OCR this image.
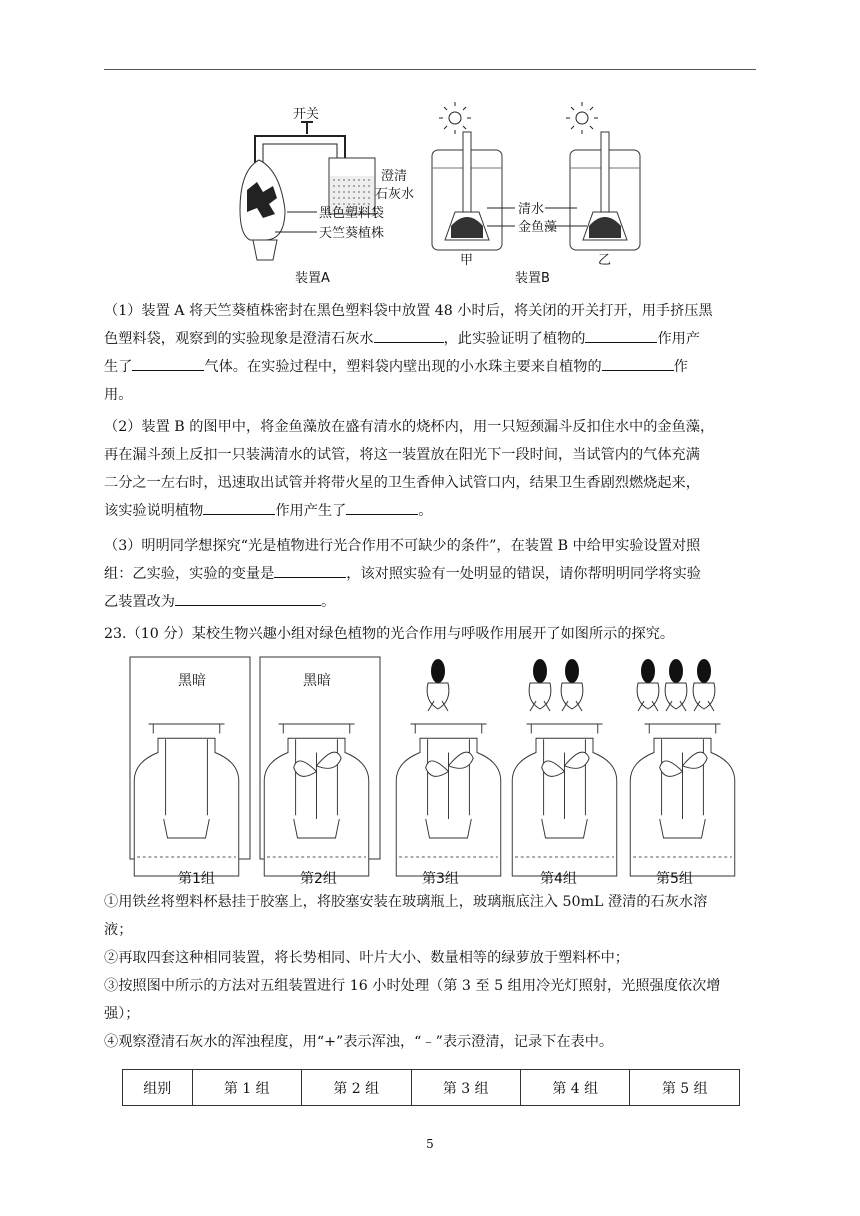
开关
澄清
石灰水
黑色塑料袋
天竺葵植株
装置A
清水
金鱼藻
甲	乙
装置B
（1）装置 A 将天竺葵植株密封在黑色塑料袋中放置 48 小时后，将关闭的开关打开，用手挤压黑
色塑料袋，观察到的实验现象是澄清石灰水	，此实验证明了植物的	作用产
生了	气体。在实验过程中，塑料袋内壁出现的小水珠主要来自植物的	作
用。
（2）装置 B 的图甲中，将金鱼藻放在盛有清水的烧杯内，用一只短颈漏斗反扣住水中的金鱼藻，
再在漏斗颈上反扣一只装满清水的试管，将这一装置放在阳光下一段时间，当试管内的气体充满
二分之一左右时，迅速取出试管并将带火星的卫生香伸入试管口内，结果卫生香剧烈燃烧起来，
该实验说明植物	作用产生了	。
（3）明明同学想探究“光是植物进行光合作用不可缺少的条件”，在装置 B 中给甲实验设置对照
组：乙实验，实验的变量是	，该对照实验有一处明显的错误，请你帮明明同学将实验
乙装置改为	。
23.（10 分）某校生物兴趣小组对绿色植物的光合作用与呼吸作用展开了如图所示的探究。
黑暗
第1组
黑暗
第2组	第3组	第4组	第5组
①用铁丝将塑料杯悬挂于胶塞上，将胶塞安装在玻璃瓶上，玻璃瓶底注入 50mL 澄清的石灰水溶
液；
②再取四套这种相同装置，将长势相同、叶片大小、数量相等的绿萝放于塑料杯中；
③按照图中所示的方法对五组装置进行 16 小时处理（第 3 至 5 组用冷光灯照射，光照强度依次增
强）；
④观察澄清石灰水的浑浊程度，用“+”表示浑浊，“﹣”表示澄清，记录下在表中。
组别	第 1 组	第 2 组	第 3 组	第 4 组	第 5 组
5
